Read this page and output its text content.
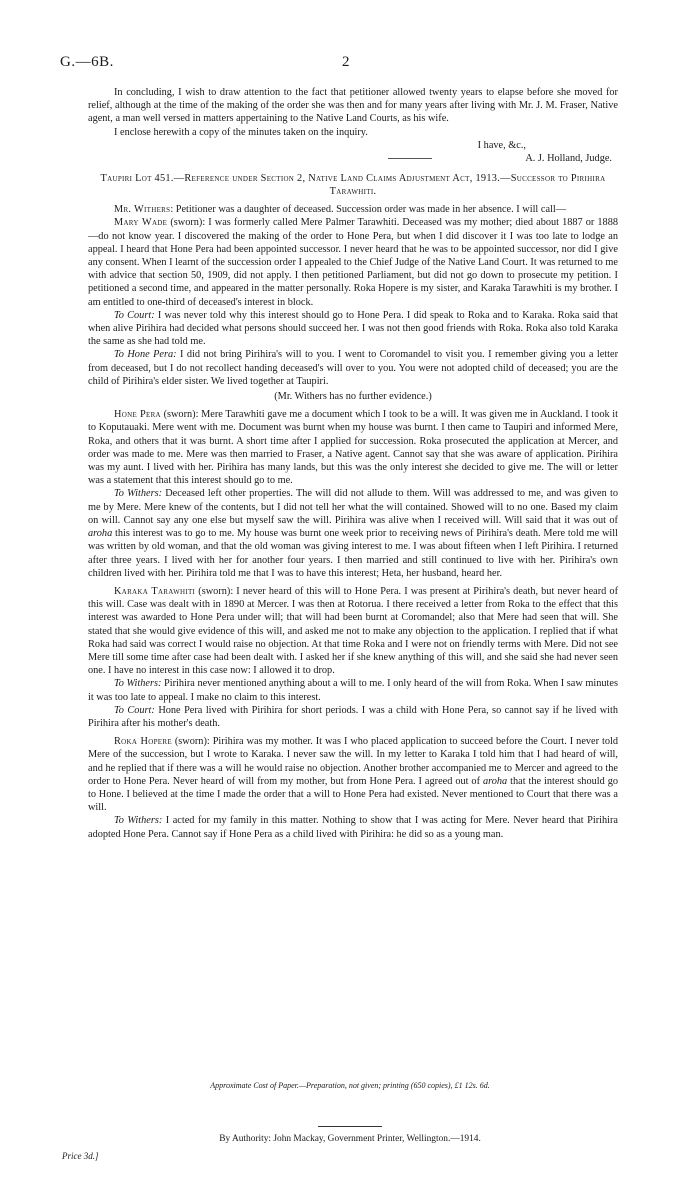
G.—6B.	2

In concluding, I wish to draw attention to the fact that petitioner allowed twenty years to elapse before she moved for relief, although at the time of the making of the order she was then and for many years after living with Mr. J. M. Fraser, Native agent, a man well versed in matters appertaining to the Native Land Courts, as his wife.

I enclose herewith a copy of the minutes taken on the inquiry.

I have, &c.,

A. J. Holland, Judge.

Taupiri Lot 451.—Reference under Section 2, Native Land Claims Adjustment Act, 1913.—Successor to Pirihira Tarawhiti.

Mr. Withers: Petitioner was a daughter of deceased. Succession order was made in her absence. I will call—

Mary Wade (sworn): I was formerly called Mere Palmer Tarawhiti. Deceased was my mother; died about 1887 or 1888—do not know year. I discovered the making of the order to Hone Pera, but when I did discover it I was too late to lodge an appeal. I heard that Hone Pera had been appointed successor. I never heard that he was to be appointed successor, nor did I give any consent. When I learnt of the succession order I appealed to the Chief Judge of the Native Land Court. It was returned to me with advice that section 50, 1909, did not apply. I then petitioned Parliament, but did not go down to prosecute my petition. I petitioned a second time, and appeared in the matter personally. Roka Hopere is my sister, and Karaka Tarawhiti is my brother. I am entitled to one-third of deceased's interest in block.

To Court: I was never told why this interest should go to Hone Pera. I did speak to Roka and to Karaka. Roka said that when alive Pirihira had decided what persons should succeed her. I was not then good friends with Roka. Roka also told Karaka the same as she had told me.

To Hone Pera: I did not bring Pirihira's will to you. I went to Coromandel to visit you. I remember giving you a letter from deceased, but I do not recollect handing deceased's will over to you. You were not adopted child of deceased; you are the child of Pirihira's elder sister. We lived together at Taupiri.

(Mr. Withers has no further evidence.)

Hone Pera (sworn): Mere Tarawhiti gave me a document which I took to be a will. It was given me in Auckland. I took it to Koputauaki. Mere went with me. Document was burnt when my house was burnt. I then came to Taupiri and informed Mere, Roka, and others that it was burnt. A short time after I applied for succession. Roka prosecuted the application at Mercer, and order was made to me. Mere was then married to Fraser, a Native agent. Cannot say that she was aware of application. Pirihira was my aunt. I lived with her. Pirihira has many lands, but this was the only interest she decided to give me. The will or letter was a statement that this interest should go to me.

To Withers: Deceased left other properties. The will did not allude to them. Will was addressed to me, and was given to me by Mere. Mere knew of the contents, but I did not tell her what the will contained. Showed will to no one. Based my claim on will. Cannot say any one else but myself saw the will. Pirihira was alive when I received will. Will said that it was out of aroha this interest was to go to me. My house was burnt one week prior to receiving news of Pirihira's death. Mere told me will was written by old woman, and that the old woman was giving interest to me. I was about fifteen when I left Pirihira. I returned after three years. I lived with her for another four years. I then married and still continued to live with her. Pirihira's own children lived with her. Pirihira told me that I was to have this interest; Heta, her husband, heard her.

Karaka Tarawhiti (sworn): I never heard of this will to Hone Pera. I was present at Pirihira's death, but never heard of this will. Case was dealt with in 1890 at Mercer. I was then at Rotorua. I there received a letter from Roka to the effect that this interest was awarded to Hone Pera under will; that will had been burnt at Coromandel; also that Mere had seen that will. She stated that she would give evidence of this will, and asked me not to make any objection to the application. I replied that if what Roka had said was correct I would raise no objection. At that time Roka and I were not on friendly terms with Mere. Did not see Mere till some time after case had been dealt with. I asked her if she knew anything of this will, and she said she had never seen one. I have no interest in this case now: I allowed it to drop.

To Withers: Pirihira never mentioned anything about a will to me. I only heard of the will from Roka. When I saw minutes it was too late to appeal. I make no claim to this interest.

To Court: Hone Pera lived with Pirihira for short periods. I was a child with Hone Pera, so cannot say if he lived with Pirihira after his mother's death.

Roka Hopere (sworn): Pirihira was my mother. It was I who placed application to succeed before the Court. I never told Mere of the succession, but I wrote to Karaka. I never saw the will. In my letter to Karaka I told him that I had heard of will, and he replied that if there was a will he would raise no objection. Another brother accompanied me to Mercer and agreed to the order to Hone Pera. Never heard of will from my mother, but from Hone Pera. I agreed out of aroha that the interest should go to Hone. I believed at the time I made the order that a will to Hone Pera had existed. Never mentioned to Court that there was a will.

To Withers: I acted for my family in this matter. Nothing to show that I was acting for Mere. Never heard that Pirihira adopted Hone Pera. Cannot say if Hone Pera as a child lived with Pirihira: he did so as a young man.

Approximate Cost of Paper.—Preparation, not given; printing (650 copies), £1 12s. 6d.
By Authority: John Mackay, Government Printer, Wellington.—1914.
Price 3d.]
